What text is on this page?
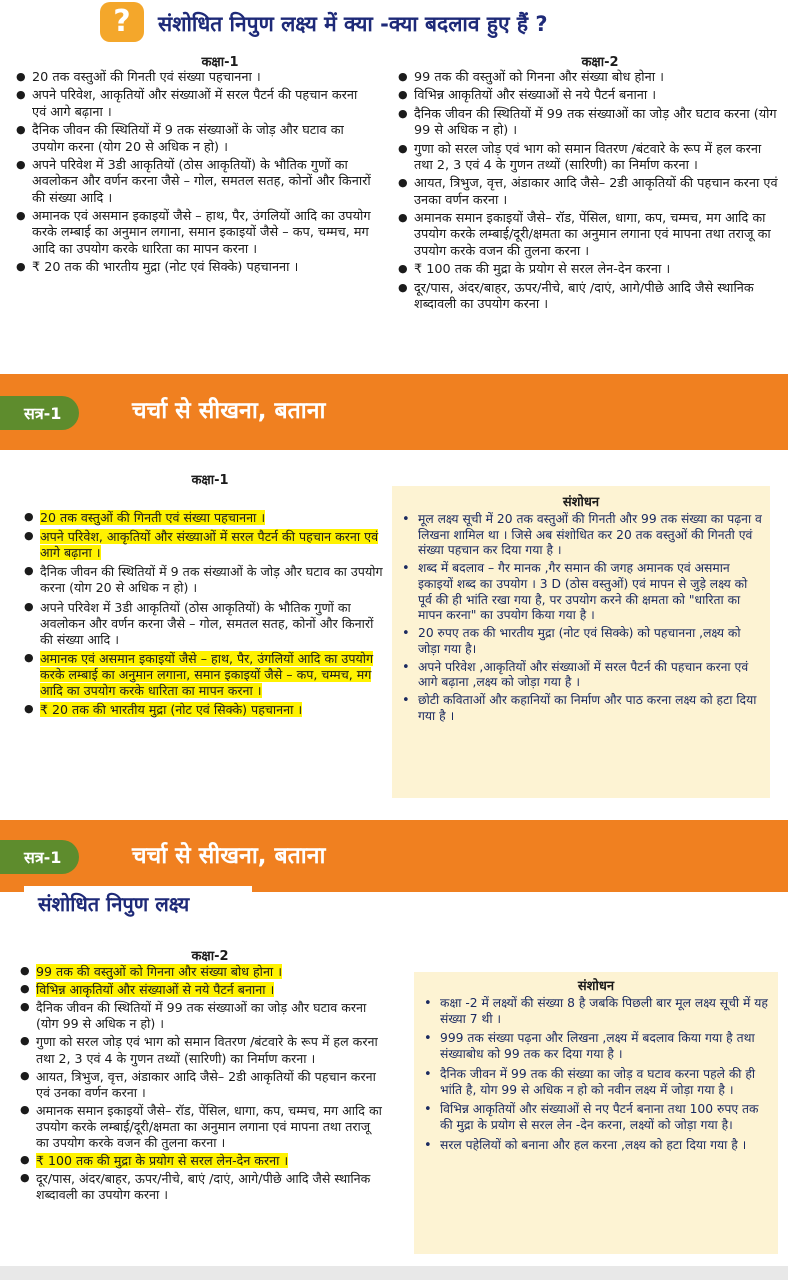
?	संशोधित निपुण लक्ष्य में क्या -क्या बदलाव हुए हैं ?
कक्षा-1	कक्षा-2
● 20 तक वस्तुओं की गिनती एवं संख्या पहचानना ।
● अपने परिवेश, आकृतियों और संख्याओं में सरल पैटर्न की पहचान करना एवं आगे बढ़ाना ।
● दैनिक जीवन की स्थितियों में 9 तक संख्याओं के जोड़ और घटाव का उपयोग करना (योग 20 से अधिक न हो) ।
● अपने परिवेश में 3डी आकृतियों (ठोस आकृतियों) के भौतिक गुणों का अवलोकन और वर्णन करना जैसे – गोल, समतल सतह, कोनों और किनारों की संख्या आदि ।
● अमानक एवं असमान इकाइयों जैसे – हाथ, पैर, उंगलियों आदि का उपयोग करके लम्बाई का अनुमान लगाना, समान इकाइयों जैसे – कप, चम्मच, मग आदि का उपयोग करके धारिता का मापन करना ।
● ₹ 20 तक की भारतीय मुद्रा (नोट एवं सिक्के) पहचानना ।
● 99 तक की वस्तुओं को गिनना और संख्या बोध होना ।
● विभिन्न आकृतियों और संख्याओं से नये पैटर्न बनाना ।
● दैनिक जीवन की स्थितियों में 99 तक संख्याओं का जोड़ और घटाव करना (योग 99 से अधिक न हो) ।
● गुणा को सरल जोड़ एवं भाग को समान वितरण /बंटवारे के रूप में हल करना तथा 2, 3 एवं 4 के गुणन तथ्यों (सारिणी) का निर्माण करना ।
● आयत, त्रिभुज, वृत्त, अंडाकार आदि जैसे– 2डी आकृतियों की पहचान करना एवं उनका वर्णन करना ।
● अमानक समान इकाइयों जैसे– रॉड, पेंसिल, धागा, कप, चम्मच, मग आदि का उपयोग करके लम्बाई/दूरी/क्षमता का अनुमान लगाना एवं मापना तथा तराजू का उपयोग करके वजन की तुलना करना ।
● ₹ 100 तक की मुद्रा के प्रयोग से सरल लेन-देन करना ।
● दूर/पास, अंदर/बाहर, ऊपर/नीचे, बाएं /दाएं, आगे/पीछे आदि जैसे स्थानिक शब्दावली का उपयोग करना ।
सत्र-1	चर्चा से सीखना, बताना
कक्षा-1
● 20 तक वस्तुओं की गिनती एवं संख्या पहचानना ।
● अपने परिवेश, आकृतियों और संख्याओं में सरल पैटर्न की पहचान करना एवं आगे बढ़ाना ।
● दैनिक जीवन की स्थितियों में 9 तक संख्याओं के जोड़ और घटाव का उपयोग करना (योग 20 से अधिक न हो) ।
● अपने परिवेश में 3डी आकृतियों (ठोस आकृतियों) के भौतिक गुणों का अवलोकन और वर्णन करना जैसे – गोल, समतल सतह, कोनों और किनारों की संख्या आदि ।
● अमानक एवं असमान इकाइयों जैसे – हाथ, पैर, उंगलियों आदि का उपयोग करके लम्बाई का अनुमान लगाना, समान इकाइयों जैसे – कप, चम्मच, मग आदि का उपयोग करके धारिता का मापन करना ।
● ₹ 20 तक की भारतीय मुद्रा (नोट एवं सिक्के) पहचानना ।
संशोधन
• मूल लक्ष्य सूची में 20 तक वस्तुओं की गिनती और 99 तक संख्या का पढ़ना व लिखना शामिल था । जिसे अब संशोधित कर 20 तक वस्तुओं की गिनती एवं संख्या पहचान कर दिया गया है ।
• शब्द में बदलाव – गैर मानक ,गैर समान की जगह अमानक एवं असमान इकाइयों शब्द का उपयोग । 3 D (ठोस वस्तुओं) एवं मापन से जुड़े लक्ष्य को पूर्व की ही भांति रखा गया है, पर उपयोग करने की क्षमता को "धारिता का मापन करना" का उपयोग किया गया है ।
• 20 रुपए तक की भारतीय मुद्रा (नोट एवं सिक्के) को पहचानना ,लक्ष्य को जोड़ा गया है।
• अपने परिवेश ,आकृतियों और संख्याओं में सरल पैटर्न की पहचान करना एवं आगे बढ़ाना ,लक्ष्य को जोड़ा गया है ।
• छोटी कविताओं और कहानियों का निर्माण और पाठ करना लक्ष्य को हटा दिया गया है ।
सत्र-1	चर्चा से सीखना, बताना
संशोधित निपुण लक्ष्य
कक्षा-2
● 99 तक की वस्तुओं को गिनना और संख्या बोध होना ।
● विभिन्न आकृतियों और संख्याओं से नये पैटर्न बनाना ।
● दैनिक जीवन की स्थितियों में 99 तक संख्याओं का जोड़ और घटाव करना (योग 99 से अधिक न हो) ।
● गुणा को सरल जोड़ एवं भाग को समान वितरण /बंटवारे के रूप में हल करना तथा 2, 3 एवं 4 के गुणन तथ्यों (सारिणी) का निर्माण करना ।
● आयत, त्रिभुज, वृत्त, अंडाकार आदि जैसे– 2डी आकृतियों की पहचान करना एवं उनका वर्णन करना ।
● अमानक समान इकाइयों जैसे– रॉड, पेंसिल, धागा, कप, चम्मच, मग आदि का उपयोग करके लम्बाई/दूरी/क्षमता का अनुमान लगाना एवं मापना तथा तराजू का उपयोग करके वजन की तुलना करना ।
● ₹ 100 तक की मुद्रा के प्रयोग से सरल लेन-देन करना ।
● दूर/पास, अंदर/बाहर, ऊपर/नीचे, बाएं /दाएं, आगे/पीछे आदि जैसे स्थानिक शब्दावली का उपयोग करना ।
संशोधन
• कक्षा -2 में लक्ष्यों की संख्या 8 है जबकि पिछली बार मूल लक्ष्य सूची में यह संख्या 7 थी ।
• 999 तक संख्या पढ़ना और लिखना ,लक्ष्य में बदलाव किया गया है तथा संख्याबोध को 99 तक कर दिया गया है ।
• दैनिक जीवन में 99 तक की संख्या का जोड़ व घटाव करना पहले की ही भांति है, योग 99 से अधिक न हो को नवीन लक्ष्य में जोड़ा गया है ।
• विभिन्न आकृतियों और संख्याओं से नए पैटर्न बनाना तथा 100 रुपए तक की मुद्रा के प्रयोग से सरल लेन -देन करना, लक्ष्यों को जोड़ा गया है।
• सरल पहेलियों को बनाना और हल करना ,लक्ष्य को हटा दिया गया है ।
